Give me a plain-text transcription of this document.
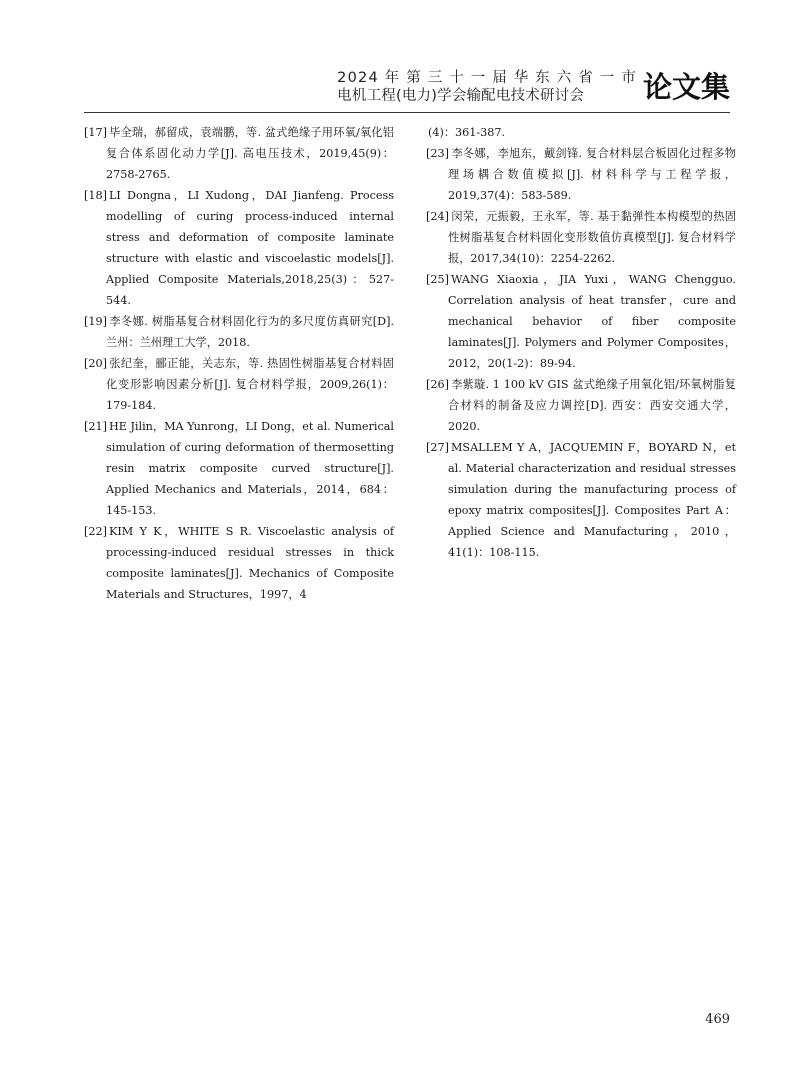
2024 年 第 三 十 一 届 华 东 六 省 一 市
电机工程(电力)学会输配电技术研讨会 论文集

[17] 毕全瑞，郝留成，袁端鹏，等. 盆式绝缘子用环氧/氧化铝复合体系固化动力学[J]. 高电压技术，2019,45(9)：2758-2765.

[18] LI Dongna，LI Xudong，DAI Jianfeng. Process modelling of curing process-induced internal stress and deformation of composite laminate structure with elastic and viscoelastic models[J]. Applied Composite Materials,2018,25(3)：527-544.

[19] 李冬娜. 树脂基复合材料固化行为的多尺度仿真研究[D]. 兰州：兰州理工大学，2018.

[20] 张纪奎，郦正能，关志东，等. 热固性树脂基复合材料固化变形影响因素分析[J]. 复合材料学报，2009,26(1)：179-184.

[21] HE Jilin，MA Yunrong，LI Dong，et al. Numerical simulation of curing deformation of thermosetting resin matrix composite curved structure[J]. Applied Mechanics and Materials，2014，684：145-153.

[22] KIM Y K，WHITE S R. Viscoelastic analysis of processing-induced residual stresses in thick composite laminates[J]. Mechanics of Composite Materials and Structures，1997，4

(4)：361-387.

[23] 李冬娜，李旭东，戴剑锋. 复合材料层合板固化过程多物理场耦合数值模拟[J]. 材料科学与工程学报，2019,37(4)：583-589.

[24] 闵荣，元振毅，王永军，等. 基于黏弹性本构模型的热固性树脂基复合材料固化变形数值仿真模型[J]. 复合材料学报，2017,34(10)：2254-2262.

[25] WANG Xiaoxia，JIA Yuxi，WANG Chengguo. Correlation analysis of heat transfer，cure and mechanical behavior of fiber composite laminates[J]. Polymers and Polymer Composites，2012，20(1-2)：89-94.

[26] 李紫璇. 1 100 kV GIS 盆式绝缘子用氧化铝/环氧树脂复合材料的制备及应力调控[D]. 西安：西安交通大学，2020.

[27] MSALLEM Y A，JACQUEMIN F，BOYARD N，et al. Material characterization and residual stresses simulation during the manufacturing process of epoxy matrix composites[J]. Composites Part A：Applied Science and Manufacturing，2010，41(1)：108-115.

469
